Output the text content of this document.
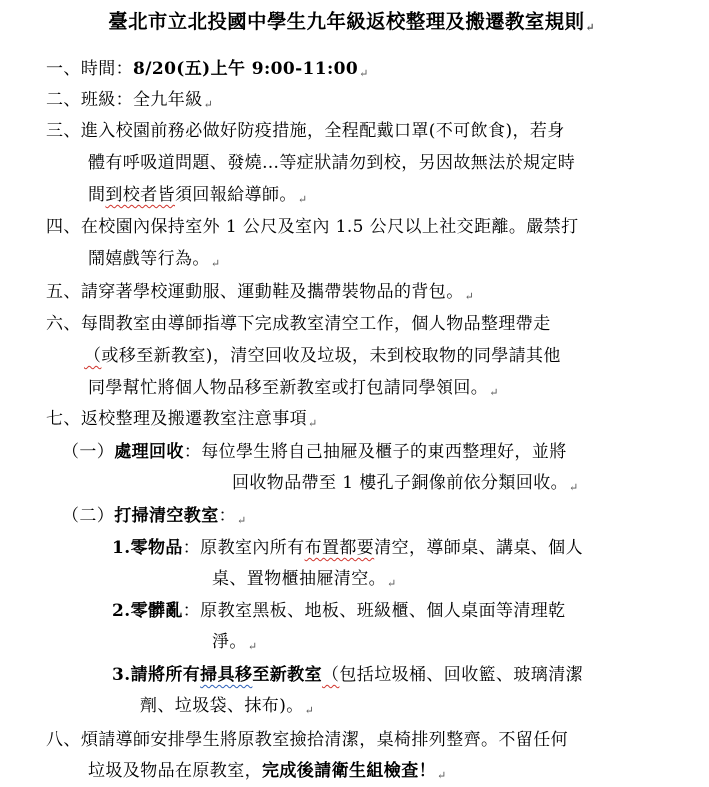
臺北市立北投國中學生九年級返校整理及搬遷教室規則↵
一、時間：8/20(五)上午 9:00-11:00↵
二、班級：全九年級↵
三、進入校園前務必做好防疫措施，全程配戴口罩(不可飲食)，若身
體有呼吸道問題、發燒…等症狀請勿到校，另因故無法於規定時
間到校者皆須回報給導師。↵
四、在校園內保持室外 1 公尺及室內 1.5 公尺以上社交距離。嚴禁打
鬧嬉戲等行為。↵
五、請穿著學校運動服、運動鞋及攜帶裝物品的背包。↵
六、每間教室由導師指導下完成教室清空工作，個人物品整理帶走
（或移至新教室)，清空回收及垃圾，未到校取物的同學請其他
同學幫忙將個人物品移至新教室或打包請同學領回。↵
七、返校整理及搬遷教室注意事項↵
（一）處理回收：每位學生將自己抽屜及櫃子的東西整理好，並將
回收物品帶至 1 樓孔子銅像前依分類回收。↵
（二）打掃清空教室：↵
1.零物品：原教室內所有布置都要清空，導師桌、講桌、個人
桌、置物櫃抽屜清空。↵
2.零髒亂：原教室黑板、地板、班級櫃、個人桌面等清理乾
淨。↵
3.請將所有掃具移至新教室（包括垃圾桶、回收籃、玻璃清潔
劑、垃圾袋、抹布)。↵
八、煩請導師安排學生將原教室撿拾清潔，桌椅排列整齊。不留任何
垃圾及物品在原教室，完成後請衛生組檢查！↵
